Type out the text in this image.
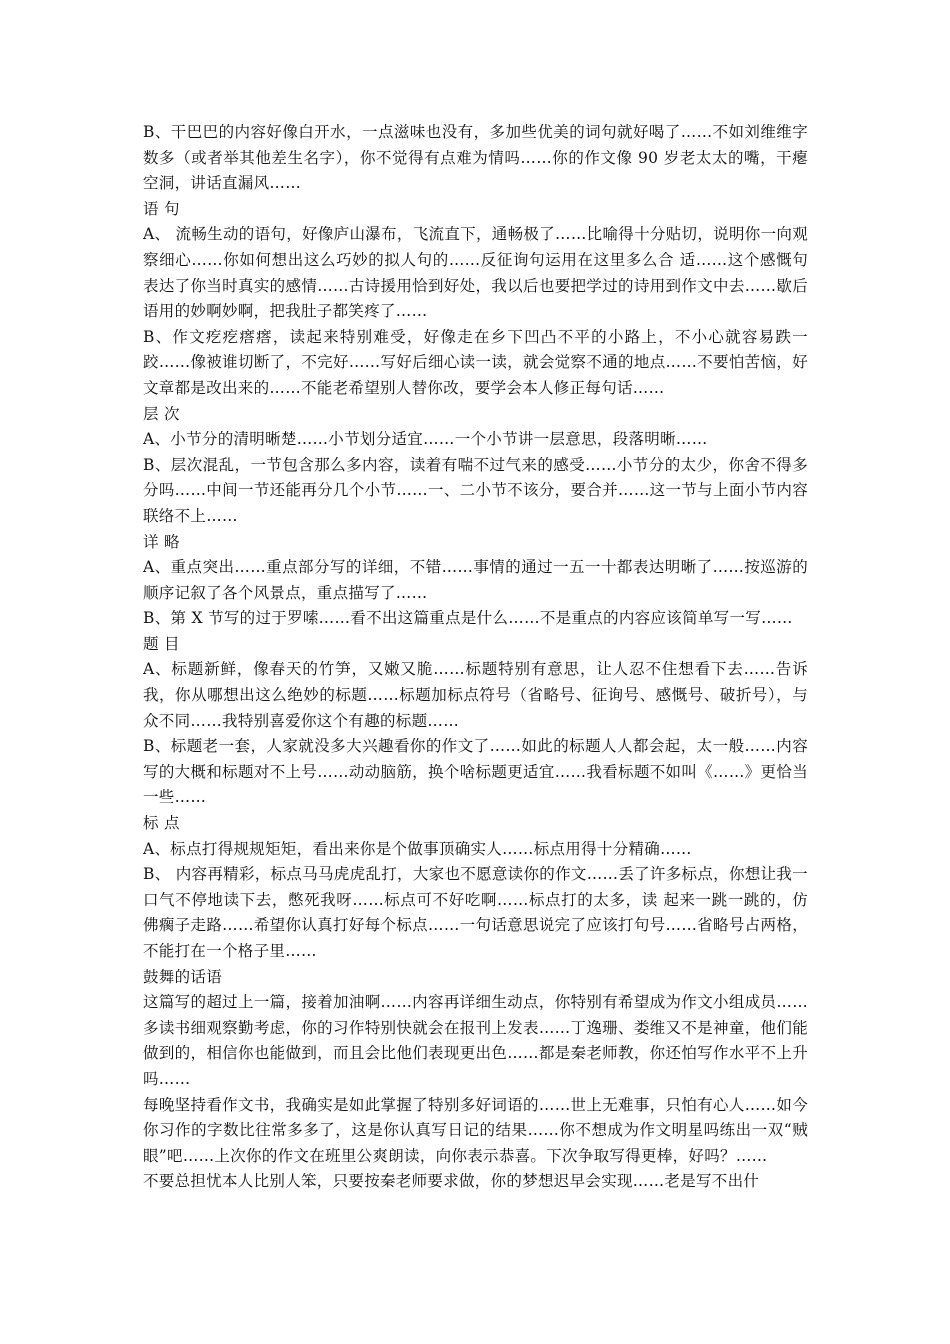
B、干巴巴的内容好像白开水，一点滋味也没有，多加些优美的词句就好喝了……不如刘维维字数多（或者举其他差生名字），你不觉得有点难为情吗……你的作文像 90 岁老太太的嘴，干瘪空洞，讲话直漏风……

语 句

A、 流畅生动的语句，好像庐山瀑布，飞流直下，通畅极了……比喻得十分贴切，说明你一向观察细心……你如何想出这么巧妙的拟人句的……反征询句运用在这里多么合 适……这个感慨句表达了你当时真实的感情……古诗援用恰到好处，我以后也要把学过的诗用到作文中去……歇后语用的妙啊妙啊，把我肚子都笑疼了……

B、作文疙疙瘩瘩，读起来特别难受，好像走在乡下凹凸不平的小路上，不小心就容易跌一跤……像被谁切断了，不完好……写好后细心读一读，就会觉察不通的地点……不要怕苦恼，好文章都是改出来的……不能老希望别人替你改，要学会本人修正每句话……

层 次

A、小节分的清明晰楚……小节划分适宜……一个小节讲一层意思，段落明晰……

B、层次混乱，一节包含那么多内容，读着有喘不过气来的感受……小节分的太少，你舍不得多分吗……中间一节还能再分几个小节……一、二小节不该分，要合并……这一节与上面小节内容联络不上……

详 略

A、重点突出……重点部分写的详细，不错……事情的通过一五一十都表达明晰了……按巡游的顺序记叙了各个风景点，重点描写了……

B、第 X 节写的过于罗嗦……看不出这篇重点是什么……不是重点的内容应该简单写一写……

题 目

A、标题新鲜，像春天的竹笋，又嫩又脆……标题特别有意思，让人忍不住想看下去……告诉我，你从哪想出这么绝妙的标题……标题加标点符号（省略号、征询号、感慨号、破折号），与众不同……我特别喜爱你这个有趣的标题……

B、标题老一套，人家就没多大兴趣看你的作文了……如此的标题人人都会起，太一般……内容写的大概和标题对不上号……动动脑筋，换个啥标题更适宜……我看标题不如叫《……》更恰当一些……

标 点

A、标点打得规规矩矩，看出来你是个做事顶确实人……标点用得十分精确……

B、 内容再精彩，标点马马虎虎乱打，大家也不愿意读你的作文……丢了许多标点，你想让我一口气不停地读下去，憋死我呀……标点可不好吃啊……标点打的太多，读 起来一跳一跳的，仿佛瘸子走路……希望你认真打好每个标点……一句话意思说完了应该打句号……省略号占两格，不能打在一个格子里……

鼓舞的话语

这篇写的超过上一篇，接着加油啊……内容再详细生动点，你特别有希望成为作文小组成员……多读书细观察勤考虑，你的习作特别快就会在报刊上发表……丁逸珊、娄维又不是神童，他们能做到的，相信你也能做到，而且会比他们表现更出色……都是秦老师教，你还怕写作水平不上升吗……

每晚坚持看作文书，我确实是如此掌握了特别多好词语的……世上无难事，只怕有心人……如今你习作的字数比往常多多了，这是你认真写日记的结果……你不想成为作文明星吗练出一双“贼眼”吧……上次你的作文在班里公爽朗读，向你表示恭喜。下次争取写得更棒，好吗？……

不要总担忧本人比别人笨，只要按秦老师要求做，你的梦想迟早会实现……老是写不出什
